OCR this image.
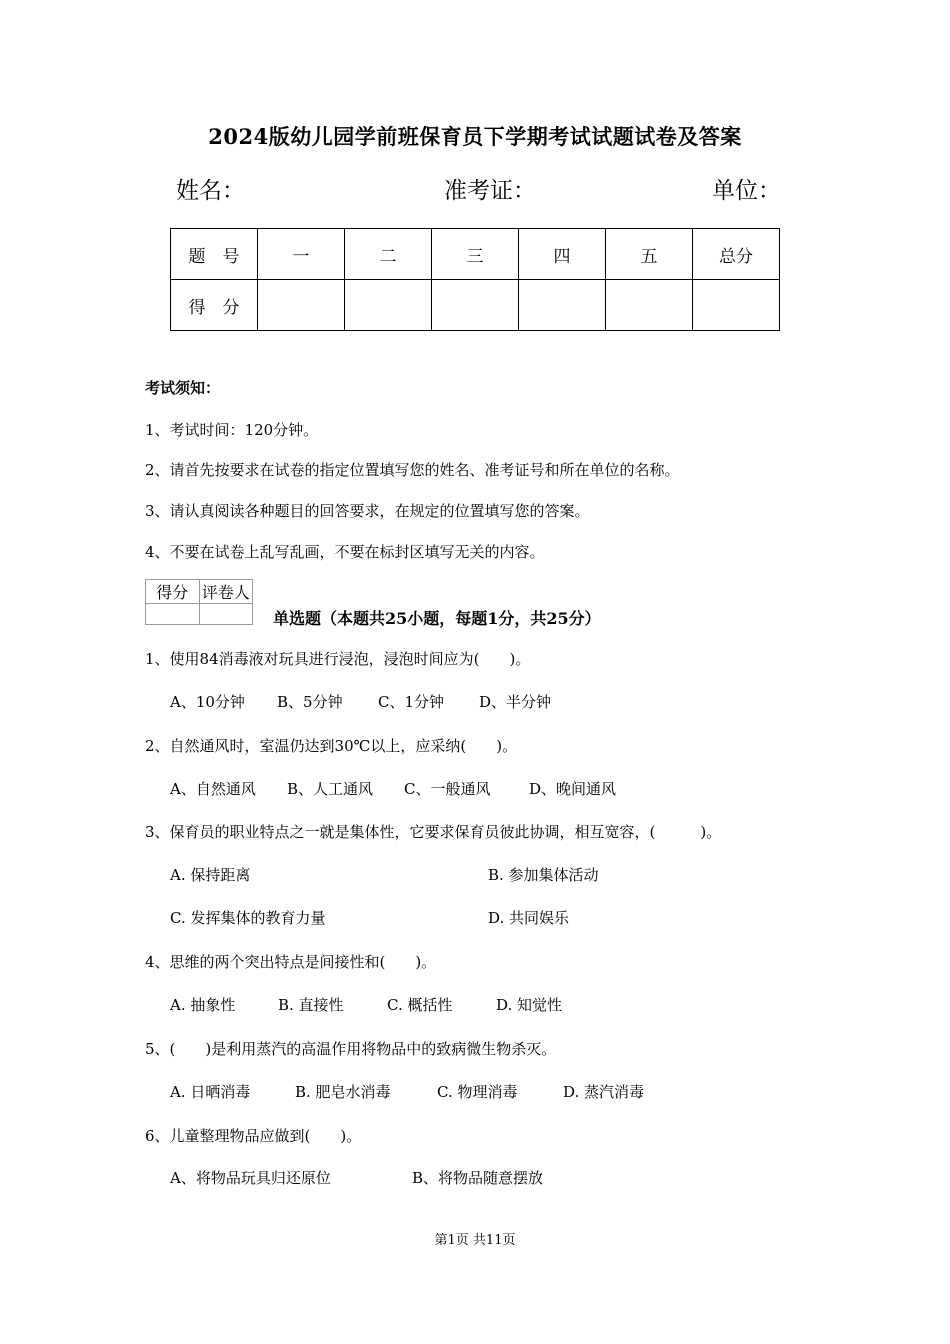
2024版幼儿园学前班保育员下学期考试试题试卷及答案
姓名：	准考证：	单位：
题　号	一	二	三	四	五	总分
得　分						
考试须知：
1、考试时间：120分钟。
2、请首先按要求在试卷的指定位置填写您的姓名、准考证号和所在单位的名称。
3、请认真阅读各种题目的回答要求，在规定的位置填写您的答案。
4、不要在试卷上乱写乱画，不要在标封区填写无关的内容。
得分	评卷人

单选题（本题共25小题，每题1分，共25分）
1、使用84消毒液对玩具进行浸泡，浸泡时间应为(　　)。
A、10分钟 B、5分钟 C、1分钟 D、半分钟
2、自然通风时，室温仍达到30℃以上，应采纳(　　)。
A、自然通风 B、人工通风 C、一般通风	D、晚间通风
3、保育员的职业特点之一就是集体性，它要求保育员彼此协调，相互宽容，(　　　)。
A. 保持距离	B. 参加集体活动
C. 发挥集体的教育力量	D. 共同娱乐
4、思维的两个突出特点是间接性和(　　)。
A. 抽象性	B. 直接性	C. 概括性	D. 知觉性
5、(　　)是利用蒸汽的高温作用将物品中的致病微生物杀灭。
A. 日晒消毒	B. 肥皂水消毒	C. 物理消毒	D. 蒸汽消毒
6、儿童整理物品应做到(　　)。
A、将物品玩具归还原位	B、将物品随意摆放
第1页 共11页
